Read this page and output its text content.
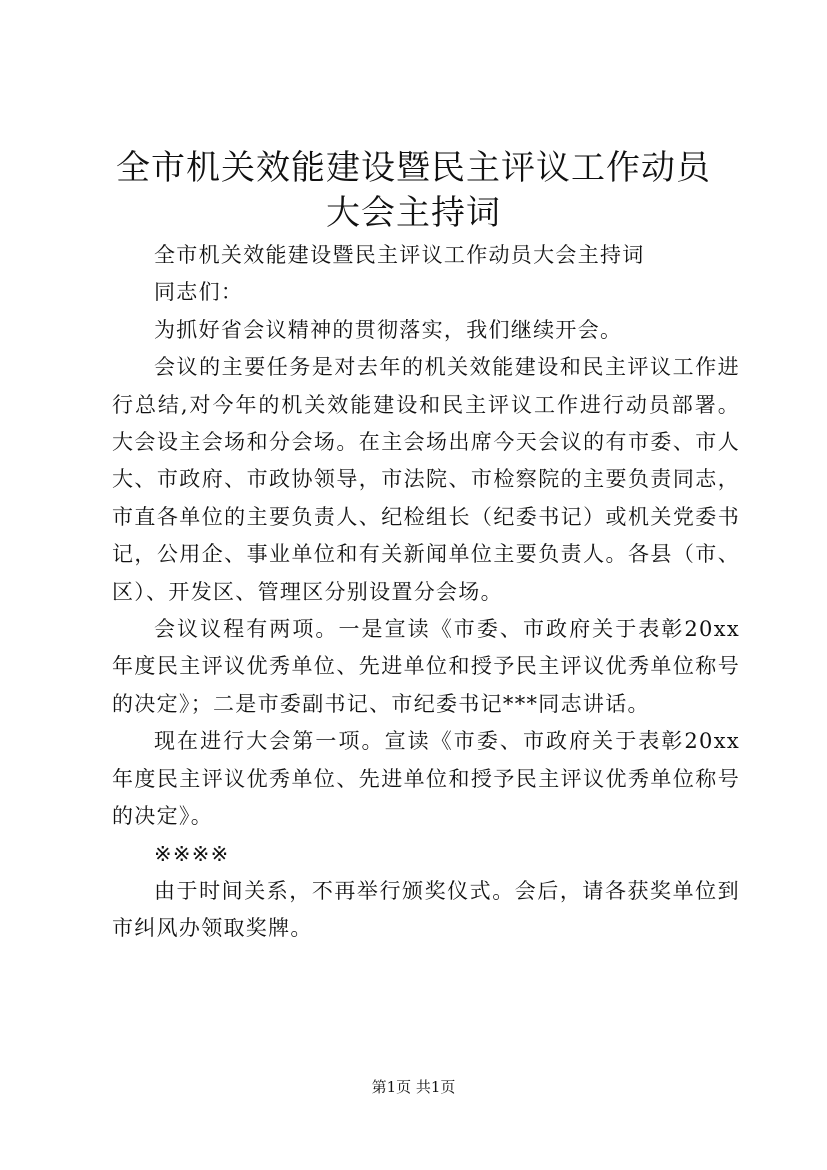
全市机关效能建设暨民主评议工作动员大会主持词

全市机关效能建设暨民主评议工作动员大会主持词

同志们：

为抓好省会议精神的贯彻落实，我们继续开会。

会议的主要任务是对去年的机关效能建设和民主评议工作进行总结,对今年的机关效能建设和民主评议工作进行动员部署。大会设主会场和分会场。在主会场出席今天会议的有市委、市人大、市政府、市政协领导，市法院、市检察院的主要负责同志，市直各单位的主要负责人、纪检组长（纪委书记）或机关党委书记，公用企、事业单位和有关新闻单位主要负责人。各县（市、区）、开发区、管理区分别设置分会场。

会议议程有两项。一是宣读《市委、市政府关于表彰20xx年度民主评议优秀单位、先进单位和授予民主评议优秀单位称号的决定》；二是市委副书记、市纪委书记***同志讲话。

现在进行大会第一项。宣读《市委、市政府关于表彰20xx年度民主评议优秀单位、先进单位和授予民主评议优秀单位称号的决定》。

※※※※

由于时间关系，不再举行颁奖仪式。会后，请各获奖单位到市纠风办领取奖牌。

第1页 共1页
